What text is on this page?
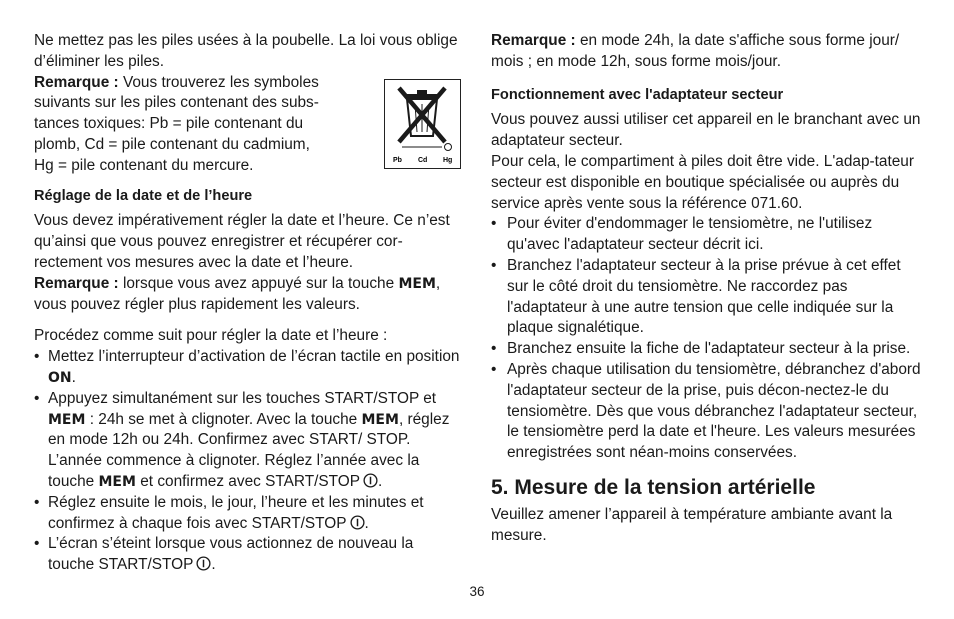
Ne mettez pas les piles usées à la poubelle. La loi vous oblige d’éliminer les piles.

Remarque : Vous trouverez les symboles
suivants sur les piles contenant des subs-
tances toxiques: Pb = pile contenant du
plomb, Cd = pile contenant du cadmium,
Hg = pile contenant du mercure.

Réglage de la date et de l’heure

Vous devez impérativement régler la date et l’heure. Ce n’est qu’ainsi que vous pouvez enregistrer et récupérer cor-rectement vos mesures avec la date et l’heure.

Remarque : lorsque vous avez appuyé sur la touche MEM, vous pouvez régler plus rapidement les valeurs.

Procédez comme suit pour régler la date et l’heure :

• Mettez l’interrupteur d’activation de l’écran tactile en position ON.
• Appuyez simultanément sur les touches START/STOP et MEM : 24h se met à clignoter. Avec la touche MEM, réglez en mode 12h ou 24h. Confirmez avec START/ STOP. L’année commence à clignoter. Réglez l’année avec la touche MEM et confirmez avec START/STOP .
• Réglez ensuite le mois, le jour, l’heure et les minutes et confirmez à chaque fois avec START/STOP .
• L’écran s’éteint lorsque vous actionnez de nouveau la touche START/STOP .
Pb Cd Hg

Remarque : en mode 24h, la date s'affiche sous forme jour/ mois ; en mode 12h, sous forme mois/jour.

Fonctionnement avec l'adaptateur secteur

Vous pouvez aussi utiliser cet appareil en le branchant avec un adaptateur secteur.

Pour cela, le compartiment à piles doit être vide. L'adap-tateur secteur est disponible en boutique spécialisée ou auprès du service après vente sous la référence 071.60.

• Pour éviter d'endommager le tensiomètre, ne l'utilisez qu'avec l'adaptateur secteur décrit ici.
• Branchez l'adaptateur secteur à la prise prévue à cet effet sur le côté droit du tensiomètre. Ne raccordez pas l'adaptateur à une autre tension que celle indiquée sur la plaque signalétique.
• Branchez ensuite la fiche de l'adaptateur secteur à la prise.
• Après chaque utilisation du tensiomètre, débranchez d'abord l'adaptateur secteur de la prise, puis décon-nectez-le du tensiomètre. Dès que vous débranchez l'adaptateur secteur, le tensiomètre perd la date et l'heure. Les valeurs mesurées enregistrées sont néan-moins conservées.

5. Mesure de la tension artérielle

Veuillez amener l’appareil à température ambiante avant la mesure.

36
